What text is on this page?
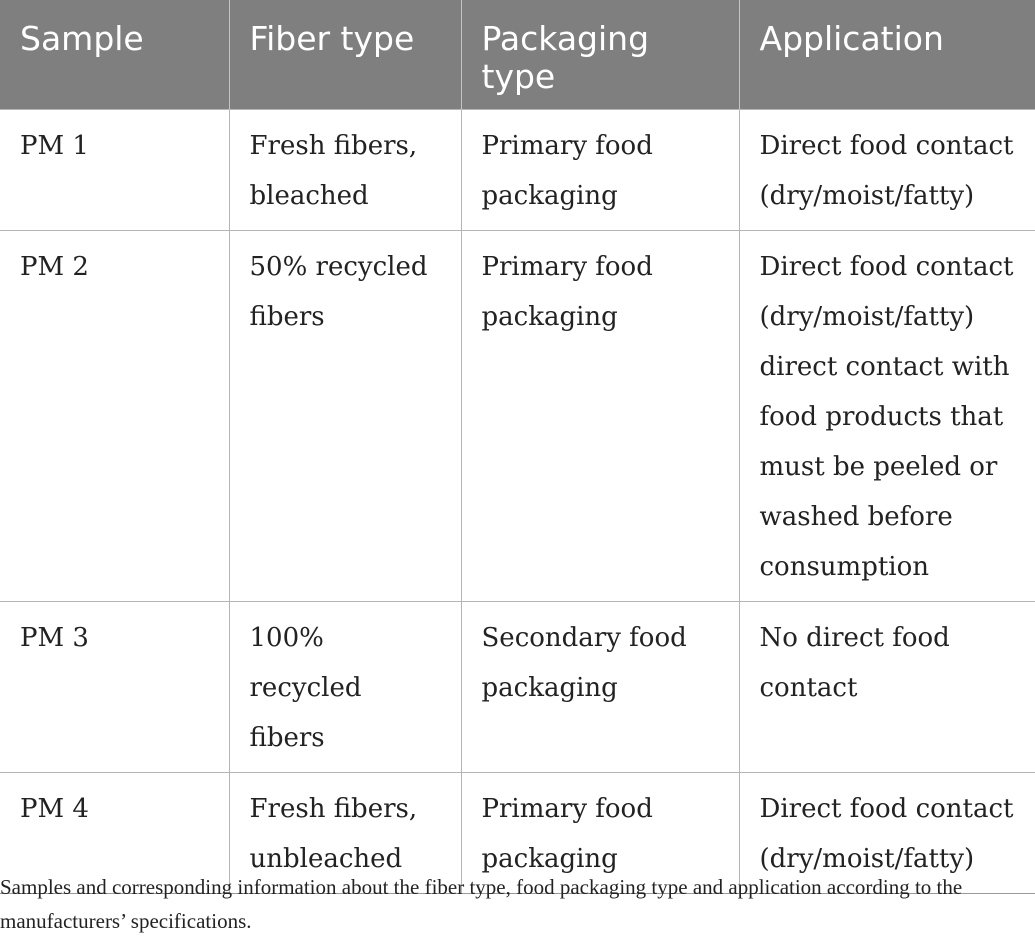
Sample	Fiber type	Packaging type	Application
PM 1	Fresh fibers, bleached	Primary food packaging	Direct food contact (dry/moist/fatty)
PM 2	50% recycled fibers	Primary food packaging	Direct food contact (dry/moist/fatty) direct contact with food products that must be peeled or washed before consumption
PM 3	100% recycled fibers	Secondary food packaging	No direct food contact
PM 4	Fresh fibers, unbleached	Primary food packaging	Direct food contact (dry/moist/fatty)

Samples and corresponding information about the fiber type, food packaging type and application according to the manufacturers’ specifications.
